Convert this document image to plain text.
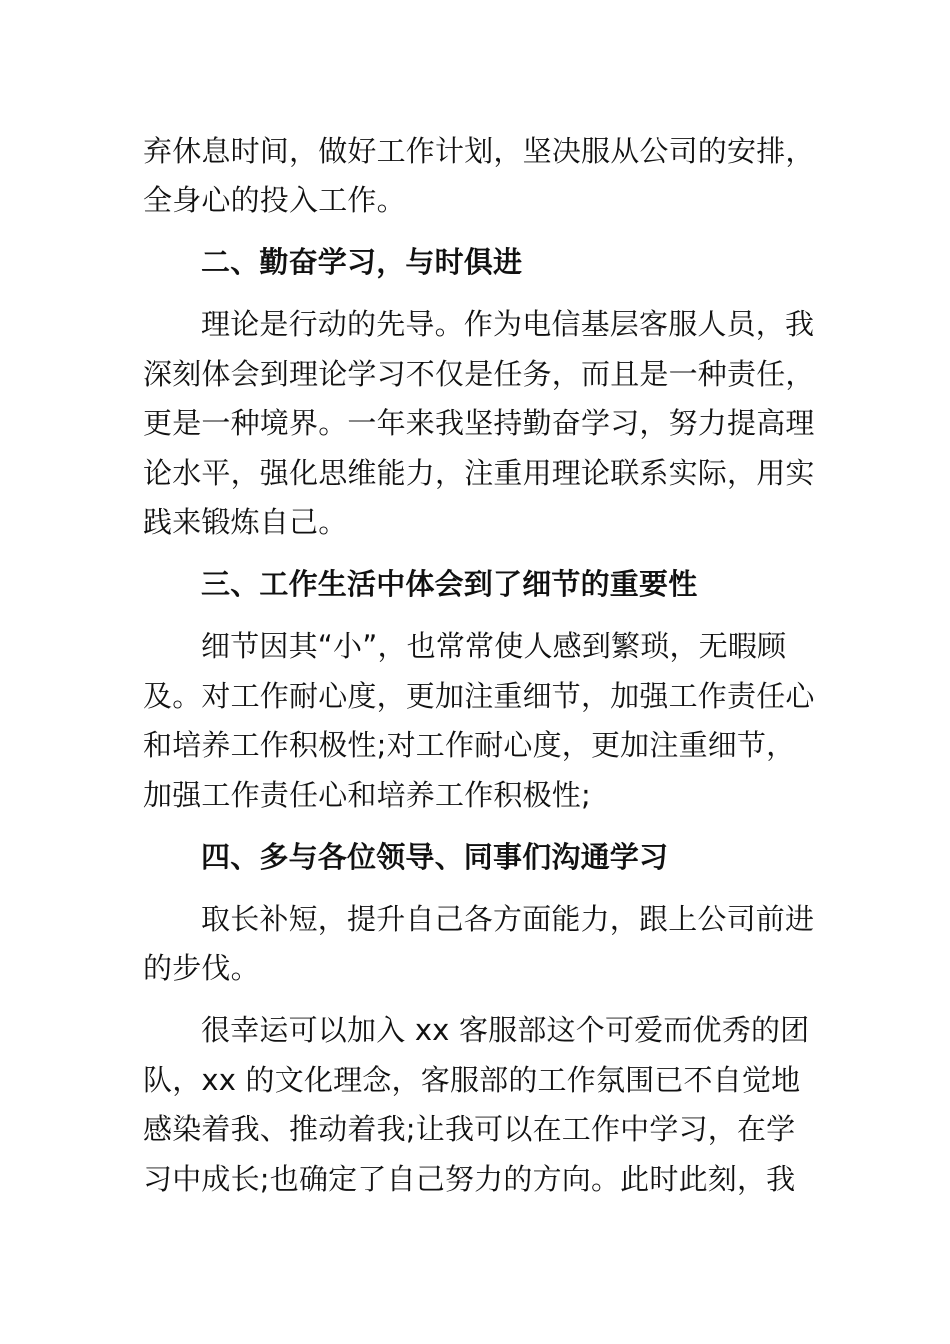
弃休息时间，做好工作计划，坚决服从公司的安排，
全身心的投入工作。
二、勤奋学习，与时俱进
理论是行动的先导。作为电信基层客服人员，我
深刻体会到理论学习不仅是任务，而且是一种责任，
更是一种境界。一年来我坚持勤奋学习，努力提高理
论水平，强化思维能力，注重用理论联系实际，用实
践来锻炼自己。
三、工作生活中体会到了细节的重要性
细节因其“小”，也常常使人感到繁琐，无暇顾
及。对工作耐心度，更加注重细节，加强工作责任心
和培养工作积极性;对工作耐心度，更加注重细节，
加强工作责任心和培养工作积极性;
四、多与各位领导、同事们沟通学习
取长补短，提升自己各方面能力，跟上公司前进
的步伐。
很幸运可以加入 xx 客服部这个可爱而优秀的团
队，xx 的文化理念，客服部的工作氛围已不自觉地
感染着我、推动着我;让我可以在工作中学习，在学
习中成长;也确定了自己努力的方向。此时此刻，我
